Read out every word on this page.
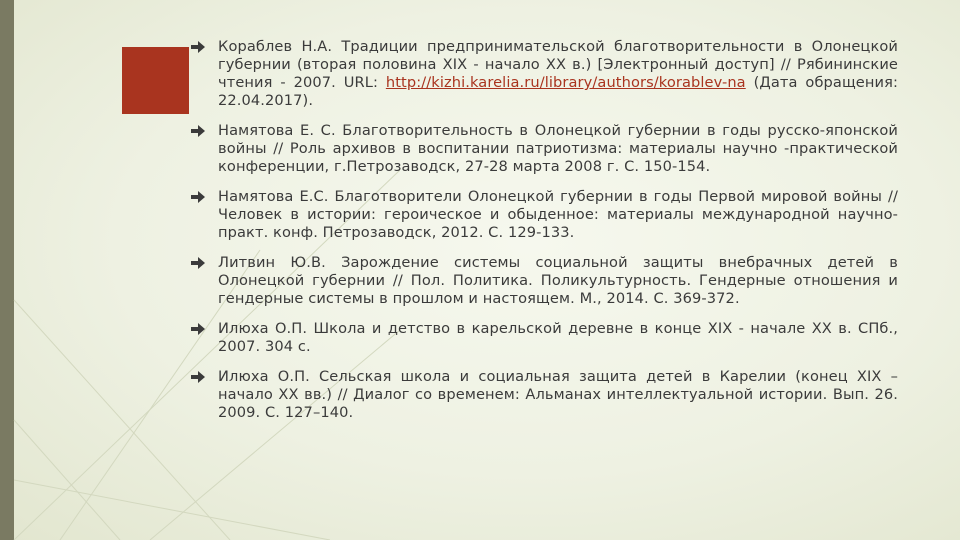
Кораблев Н.А. Традиции предпринимательской благотворительности в Олонецкой губернии (вторая половина XIX - начало XX в.) [Электронный доступ] // Рябининские чтения - 2007. URL: http://kizhi.karelia.ru/library/authors/korablev-na (Дата обращения: 22.04.2017).
Намятова Е. С. Благотворительность в Олонецкой губернии в годы русско-японской войны // Роль архивов в воспитании патриотизма: материалы научно -практической конференции, г.Петрозаводск, 27-28 марта 2008 г. С. 150-154.
Намятова Е.С. Благотворители Олонецкой губернии в годы Первой мировой войны // Человек в истории: героическое и обыденное: материалы международной научно-практ. конф. Петрозаводск, 2012. С. 129-133.
Литвин Ю.В. Зарождение системы социальной защиты внебрачных детей в Олонецкой губернии // Пол. Политика. Поликультурность. Гендерные отношения и гендерные системы в прошлом и настоящем. М., 2014. С. 369-372.
Илюха О.П. Школа и детство в карельской деревне в конце XIX - начале XX в. СПб., 2007. 304 с.
Илюха О.П. Сельская школа и социальная защита детей в Карелии (конец XIX – начало XX вв.) // Диалог со временем: Альманах интеллектуальной истории. Вып. 26. 2009. С. 127–140.
